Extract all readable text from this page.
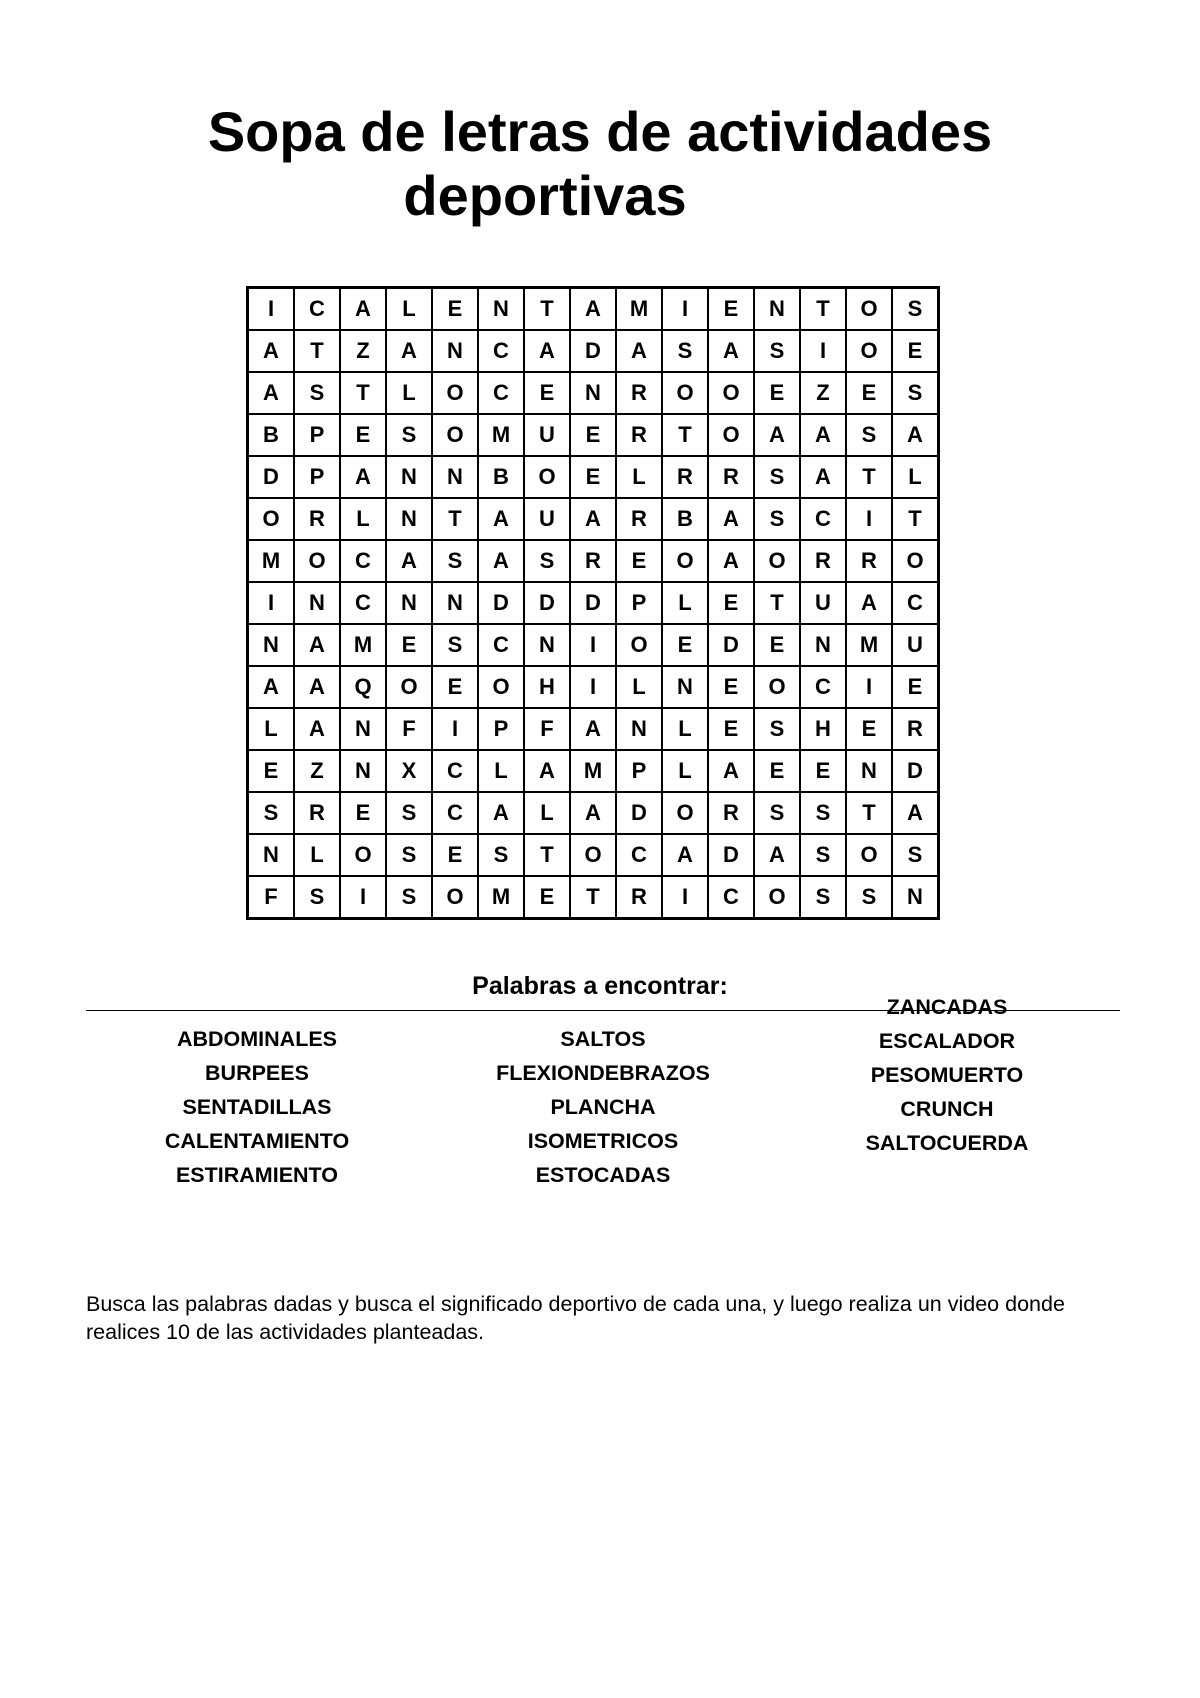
Sopa de letras de actividades
deportivas
I	C	A	L	E	N	T	A	M	I	E	N	T	O	S
A	T	Z	A	N	C	A	D	A	S	A	S	I	O	E
A	S	T	L	O	C	E	N	R	O	O	E	Z	E	S
B	P	E	S	O	M	U	E	R	T	O	A	A	S	A
D	P	A	N	N	B	O	E	L	R	R	S	A	T	L
O	R	L	N	T	A	U	A	R	B	A	S	C	I	T
M	O	C	A	S	A	S	R	E	O	A	O	R	R	O
I	N	C	N	N	D	D	D	P	L	E	T	U	A	C
N	A	M	E	S	C	N	I	O	E	D	E	N	M	U
A	A	Q	O	E	O	H	I	L	N	E	O	C	I	E
L	A	N	F	I	P	F	A	N	L	E	S	H	E	R
E	Z	N	X	C	L	A	M	P	L	A	E	E	N	D
S	R	E	S	C	A	L	A	D	O	R	S	S	T	A
N	L	O	S	E	S	T	O	C	A	D	A	S	O	S
F	S	I	S	O	M	E	T	R	I	C	O	S	S	N
Palabras a encontrar:
ABDOMINALES
BURPEES
SENTADILLAS
CALENTAMIENTO
ESTIRAMIENTO
SALTOS
FLEXIONDEBRAZOS
PLANCHA
ISOMETRICOS
ESTOCADAS
ZANCADAS
ESCALADOR
PESOMUERTO
CRUNCH
SALTOCUERDA
Busca las palabras dadas y busca el significado deportivo de cada una, y luego realiza un video donde realices 10 de las actividades planteadas.
